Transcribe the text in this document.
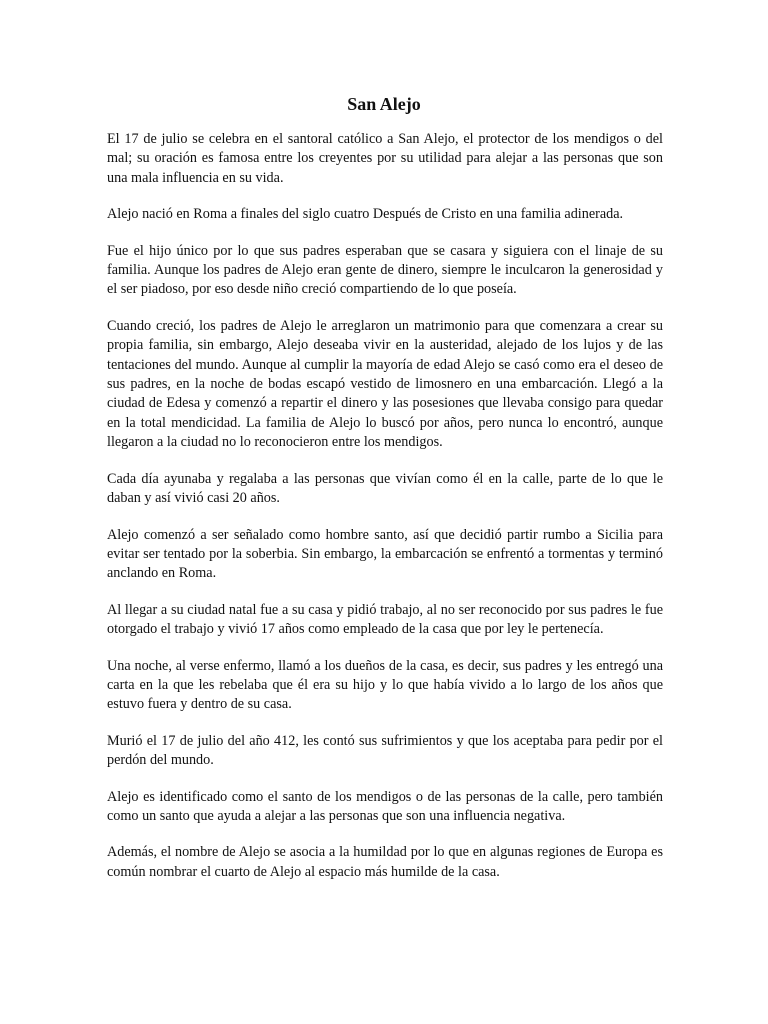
San Alejo

El 17 de julio se celebra en el santoral católico a San Alejo, el protector de los mendigos o del mal; su oración es famosa entre los creyentes por su utilidad para alejar a las personas que son una mala influencia en su vida.

Alejo nació en Roma a finales del siglo cuatro Después de Cristo en una familia adinerada.

Fue el hijo único por lo que sus padres esperaban que se casara y siguiera con el linaje de su familia. Aunque los padres de Alejo eran gente de dinero, siempre le inculcaron la generosidad y el ser piadoso, por eso desde niño creció compartiendo de lo que poseía.

Cuando creció, los padres de Alejo le arreglaron un matrimonio para que comenzara a crear su propia familia, sin embargo, Alejo deseaba vivir en la austeridad, alejado de los lujos y de las tentaciones del mundo. Aunque al cumplir la mayoría de edad Alejo se casó como era el deseo de sus padres, en la noche de bodas escapó vestido de limosnero en una embarcación. Llegó a la ciudad de Edesa y comenzó a repartir el dinero y las posesiones que llevaba consigo para quedar en la total mendicidad. La familia de Alejo lo buscó por años, pero nunca lo encontró, aunque llegaron a la ciudad no lo reconocieron entre los mendigos.

Cada día ayunaba y regalaba a las personas que vivían como él en la calle, parte de lo que le daban y así vivió casi 20 años.

Alejo comenzó a ser señalado como hombre santo, así que decidió partir rumbo a Sicilia para evitar ser tentado por la soberbia. Sin embargo, la embarcación se enfrentó a tormentas y terminó anclando en Roma.

Al llegar a su ciudad natal fue a su casa y pidió trabajo, al no ser reconocido por sus padres le fue otorgado el trabajo y vivió 17 años como empleado de la casa que por ley le pertenecía.

Una noche, al verse enfermo, llamó a los dueños de la casa, es decir, sus padres y les entregó una carta en la que les rebelaba que él era su hijo y lo que había vivido a lo largo de los años que estuvo fuera y dentro de su casa.

Murió el 17 de julio del año 412, les contó sus sufrimientos y que los aceptaba para pedir por el perdón del mundo.

Alejo es identificado como el santo de los mendigos o de las personas de la calle, pero también como un santo que ayuda a alejar a las personas que son una influencia negativa.

Además, el nombre de Alejo se asocia a la humildad por lo que en algunas regiones de Europa es común nombrar el cuarto de Alejo al espacio más humilde de la casa.
